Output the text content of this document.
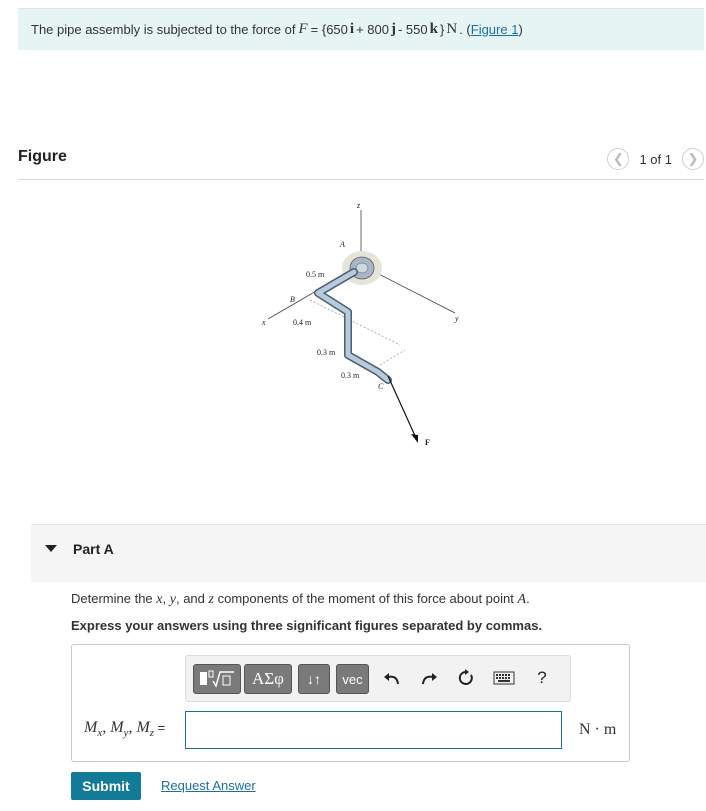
The pipe assembly is subjected to the force of F = {650 i + 800 j - 550 k } N .
( Figure 1 )
Figure	❮ 1 of 1 ❯
z
A
0.5 m
B
0.4 m
x	y
0.3 m
0.3 m
C
F
Part A
Determine the x, y, and z components of the moment of this force about point A.
Express your answers using three significant figures separated by commas.
ΑΣφ	↓↑	vec	?
$M_x$, $M_y$, $M_z$ =	N · m
Submit	Request Answer
